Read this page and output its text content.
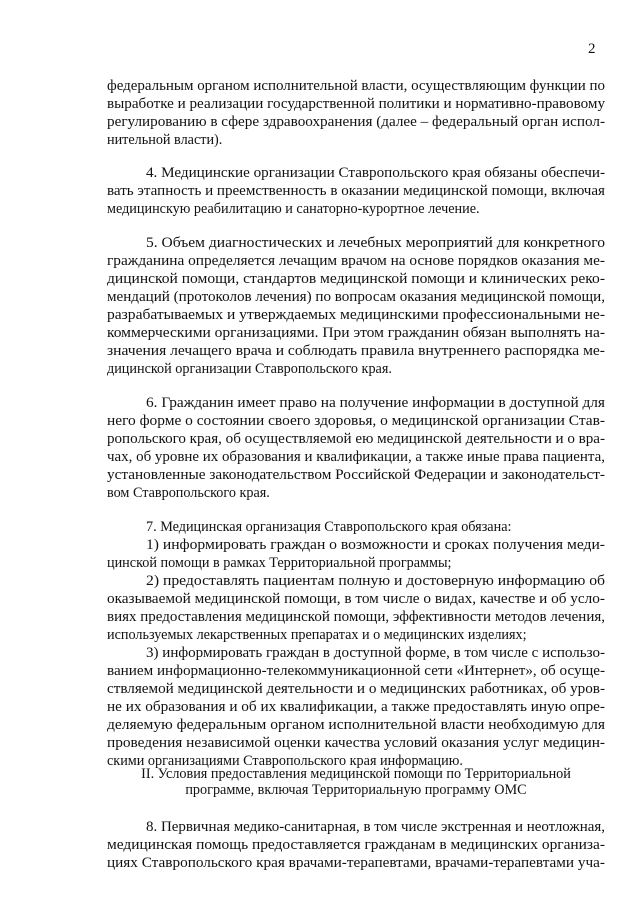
2
федеральным органом исполнительной власти, осуществляющим функции по
выработке и реализации государственной политики и нормативно-правовому
регулированию в сфере здравоохранения (далее – федеральный орган испол-
нительной власти).
4. Медицинские организации Ставропольского края обязаны обеспечи-
вать этапность и преемственность в оказании медицинской помощи, включая
медицинскую реабилитацию и санаторно-курортное лечение.
5. Объем диагностических и лечебных мероприятий для конкретного
гражданина определяется лечащим врачом на основе порядков оказания ме-
дицинской помощи, стандартов медицинской помощи и клинических реко-
мендаций (протоколов лечения) по вопросам оказания медицинской помощи,
разрабатываемых и утверждаемых медицинскими профессиональными не-
коммерческими организациями. При этом гражданин обязан выполнять на-
значения лечащего врача и соблюдать правила внутреннего распорядка ме-
дицинской организации Ставропольского края.
6. Гражданин имеет право на получение информации в доступной для
него форме о состоянии своего здоровья, о медицинской организации Став-
ропольского края, об осуществляемой ею медицинской деятельности и о вра-
чах, об уровне их образования и квалификации, а также иные права пациента,
установленные законодательством Российской Федерации и законодательст-
вом Ставропольского края.
7. Медицинская организация Ставропольского края обязана:
1) информировать граждан о возможности и сроках получения меди-
цинской помощи в рамках Территориальной программы;
2) предоставлять пациентам полную и достоверную информацию об
оказываемой медицинской помощи, в том числе о видах, качестве и об усло-
виях предоставления медицинской помощи, эффективности методов лечения,
используемых лекарственных препаратах и о медицинских изделиях;
3) информировать граждан в доступной форме, в том числе с использо-
ванием информационно-телекоммуникационной сети «Интернет», об осуще-
ствляемой медицинской деятельности и о медицинских работниках, об уров-
не их образования и об их квалификации, а также предоставлять иную опре-
деляемую федеральным органом исполнительной власти необходимую для
проведения независимой оценки качества условий оказания услуг медицин-
скими организациями Ставропольского края информацию.
II. Условия предоставления медицинской помощи по Территориальной
программе, включая Территориальную программу ОМС
8. Первичная медико-санитарная, в том числе экстренная и неотложная,
медицинская помощь предоставляется гражданам в медицинских организа-
циях Ставропольского края врачами-терапевтами, врачами-терапевтами уча-
